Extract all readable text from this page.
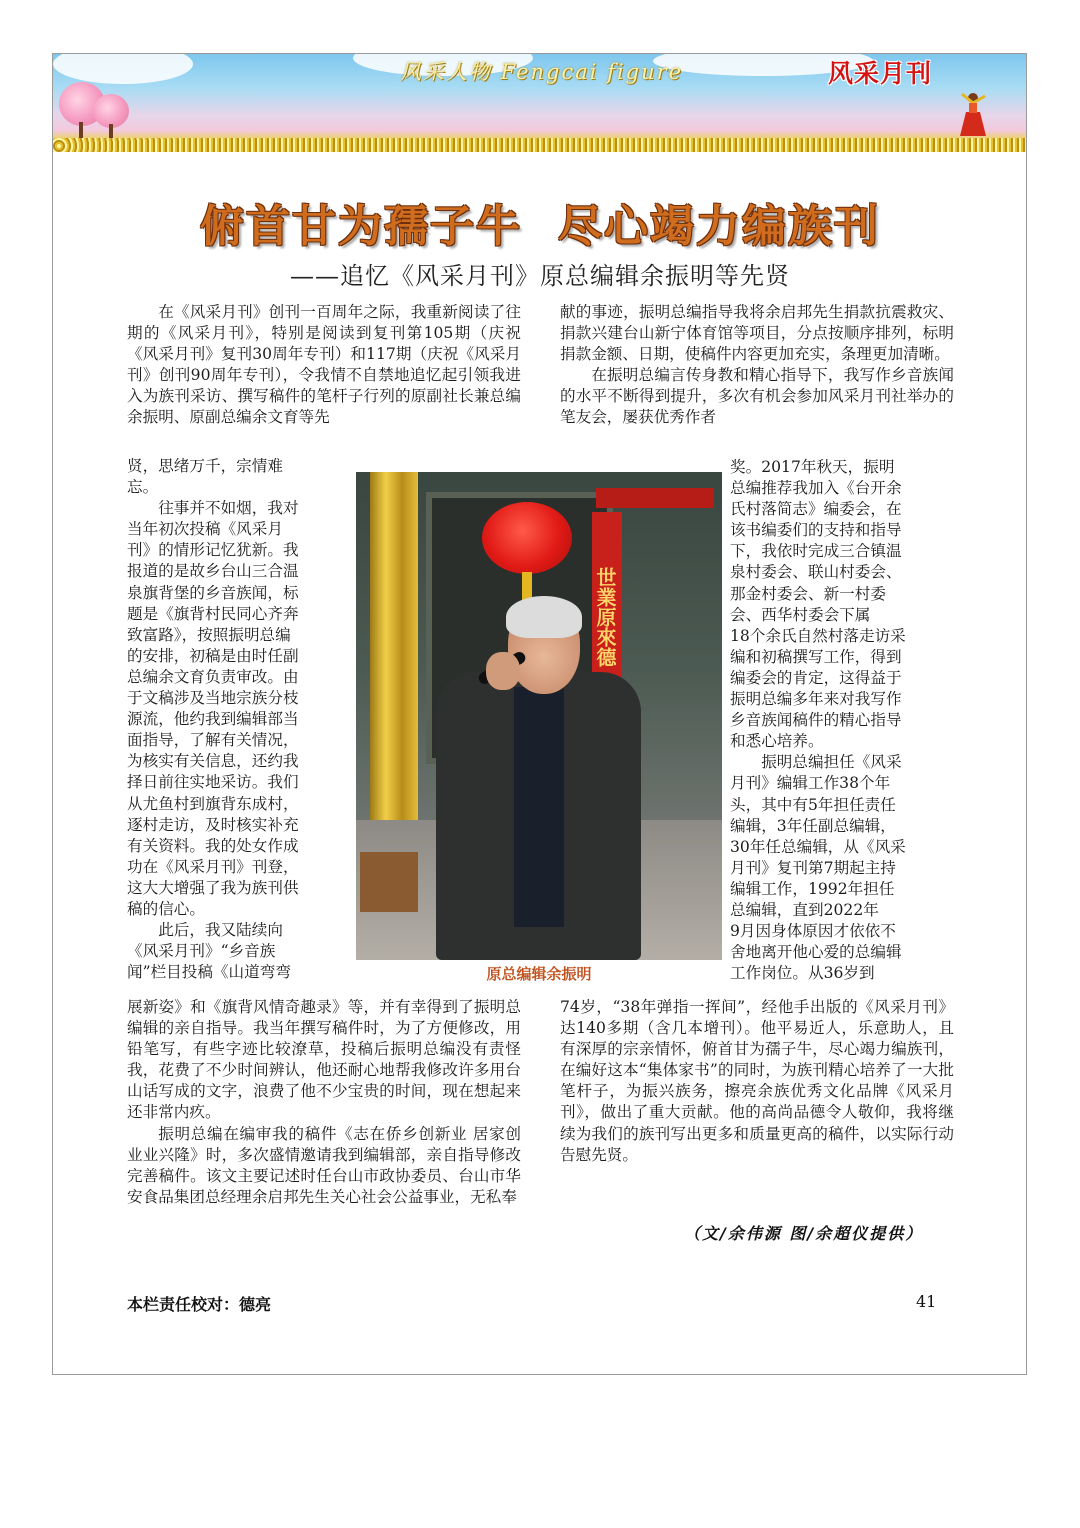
风采人物 Fengcai figure	风采月刊
俯首甘为孺子牛 尽心竭力编族刊
——追忆《风采月刊》原总编辑余振明等先贤

在《风采月刊》创刊一百周年之际，我重新阅读了往期的《风采月刊》，特别是阅读到复刊第105期（庆祝《风采月刊》复刊30周年专刊）和117期（庆祝《风采月刊》创刊90周年专刊），令我情不自禁地追忆起引领我进入为族刊采访、撰写稿件的笔杆子行列的原副社长兼总编余振明、原副总编余文育等先

贤，思绪万千，宗情难
忘。
往事并不如烟，我对
当年初次投稿《风采月
刊》的情形记忆犹新。我
报道的是故乡台山三合温
泉旗背堡的乡音族闻，标
题是《旗背村民同心齐奔
致富路》，按照振明总编
的安排，初稿是由时任副
总编余文育负责审改。由
于文稿涉及当地宗族分枝
源流，他约我到编辑部当
面指导，了解有关情况，
为核实有关信息，还约我
择日前往实地采访。我们
从尤鱼村到旗背东成村，
逐村走访，及时核实补充
有关资料。我的处女作成
功在《风采月刊》刊登，
这大大增强了我为族刊供
稿的信心。
此后，我又陆续向
《风采月刊》“乡音族
闻”栏目投稿《山道弯弯

展新姿》和《旗背风情奇趣录》等，并有幸得到了振明总编辑的亲自指导。我当年撰写稿件时，为了方便修改，用铅笔写，有些字迹比较潦草，投稿后振明总编没有责怪我，花费了不少时间辨认，他还耐心地帮我修改许多用台山话写成的文字，浪费了他不少宝贵的时间，现在想起来还非常内疚。

振明总编在编审我的稿件《志在侨乡创新业 居家创业业兴隆》时，多次盛情邀请我到编辑部，亲自指导修改完善稿件。该文主要记述时任台山市政协委员、台山市华安食品集团总经理余启邦先生关心社会公益事业，无私奉

世業原來德
原总编辑余振明

献的事迹，振明总编指导我将余启邦先生捐款抗震救灾、捐款兴建台山新宁体育馆等项目，分点按顺序排列，标明捐款金额、日期，使稿件内容更加充实，条理更加清晰。

在振明总编言传身教和精心指导下，我写作乡音族闻的水平不断得到提升，多次有机会参加风采月刊社举办的笔友会，屡获优秀作者

奖。2017年秋天，振明
总编推荐我加入《台开余
氏村落简志》编委会，在
该书编委们的支持和指导
下，我依时完成三合镇温
泉村委会、联山村委会、
那金村委会、新一村委
会、西华村委会下属
18个余氏自然村落走访采
编和初稿撰写工作，得到
编委会的肯定，这得益于
振明总编多年来对我写作
乡音族闻稿件的精心指导
和悉心培养。
振明总编担任《风采
月刊》编辑工作38个年
头，其中有5年担任责任
编辑，3年任副总编辑，
30年任总编辑，从《风采
月刊》复刊第7期起主持
编辑工作，1992年担任
总编辑，直到2022年
9月因身体原因才依依不
舍地离开他心爱的总编辑
工作岗位。从36岁到

74岁，“38年弹指一挥间”，经他手出版的《风采月刊》达140多期（含几本增刊）。他平易近人，乐意助人，且有深厚的宗亲情怀，俯首甘为孺子牛，尽心竭力编族刊，在编好这本“集体家书”的同时，为族刊精心培养了一大批笔杆子，为振兴族务，擦亮余族优秀文化品牌《风采月刊》，做出了重大贡献。他的高尚品德令人敬仰，我将继续为我们的族刊写出更多和质量更高的稿件，以实际行动告慰先贤。

（文/余伟源 图/余超仪提供）
本栏责任校对：德亮	41
